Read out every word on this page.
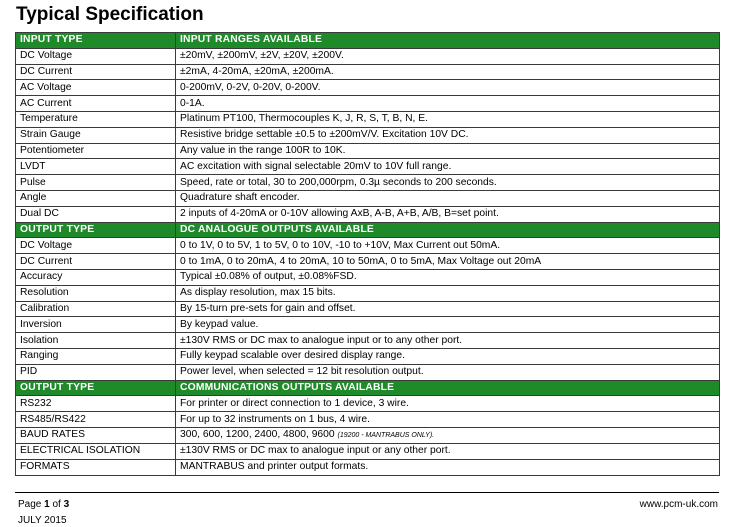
Typical Specification
INPUT TYPE	INPUT RANGES AVAILABLE
DC Voltage	±20mV, ±200mV, ±2V, ±20V, ±200V.
DC Current	±2mA, 4-20mA, ±20mA, ±200mA.
AC Voltage	0-200mV, 0-2V, 0-20V, 0-200V.
AC Current	0-1A.
Temperature	Platinum PT100, Thermocouples K, J, R, S, T, B, N, E.
Strain Gauge	Resistive bridge settable ±0.5 to ±200mV/V. Excitation 10V DC.
Potentiometer	Any value in the range 100R to 10K.
LVDT	AC excitation with signal selectable 20mV to 10V full range.
Pulse	Speed, rate or total, 30 to 200,000rpm, 0.3µ seconds to 200 seconds.
Angle	Quadrature shaft encoder.
Dual DC	2 inputs of 4-20mA or 0-10V allowing AxB, A-B, A+B, A/B, B=set point.
OUTPUT TYPE	DC ANALOGUE OUTPUTS AVAILABLE
DC Voltage	0 to 1V, 0 to 5V, 1 to 5V, 0 to 10V, -10 to +10V, Max Current out 50mA.
DC Current	0 to 1mA, 0 to 20mA, 4 to 20mA, 10 to 50mA, 0 to 5mA, Max Voltage out 20mA
Accuracy	Typical ±0.08% of output, ±0.08%FSD.
Resolution	As display resolution, max 15 bits.
Calibration	By 15-turn pre-sets for gain and offset.
Inversion	By keypad value.
Isolation	±130V RMS or DC max to analogue input or to any other port.
Ranging	Fully keypad scalable over desired display range.
PID	Power level, when selected = 12 bit resolution output.
OUTPUT TYPE	COMMUNICATIONS OUTPUTS AVAILABLE
RS232	For printer or direct connection to 1 device, 3 wire.
RS485/RS422	For up to 32 instruments on 1 bus, 4 wire.
BAUD RATES	300, 600, 1200, 2400, 4800, 9600 (19200 - MANTRABUS ONLY).
ELECTRICAL ISOLATION	±130V RMS or DC max to analogue input or any other port.
FORMATS	MANTRABUS and printer output formats.
Page 1 of 3	www.pcm-uk.com
JULY 2015
